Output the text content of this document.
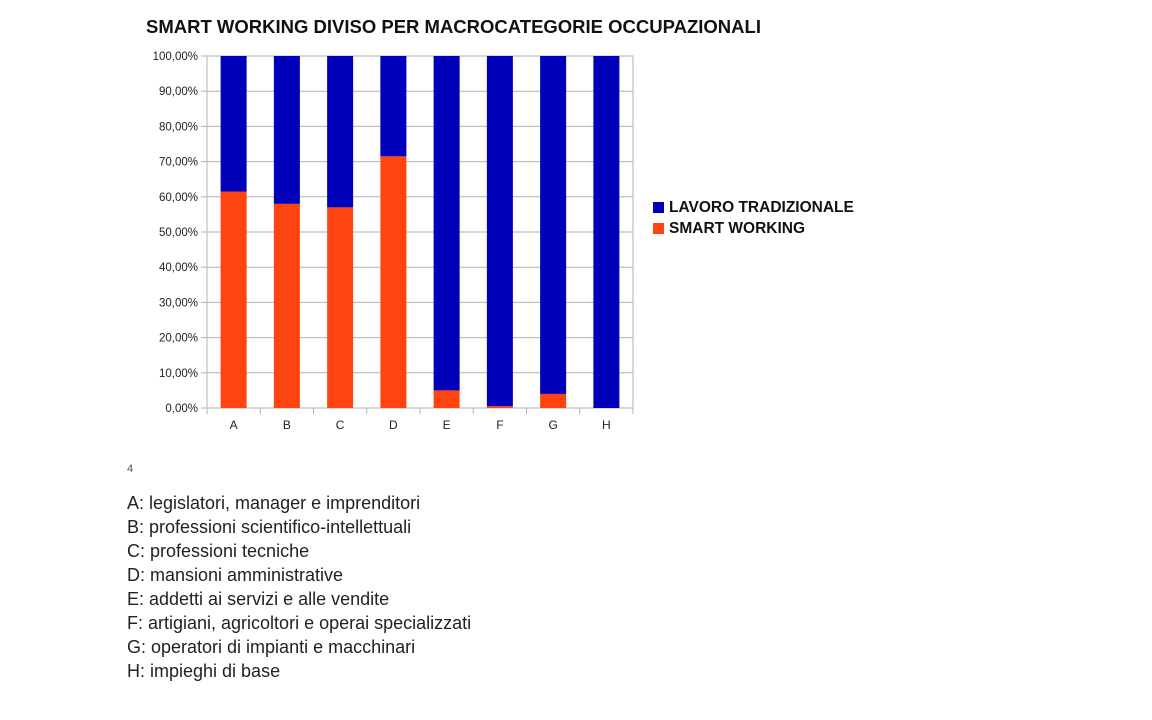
SMART WORKING DIVISO PER MACROCATEGORIE OCCUPAZIONALI
0,00%
10,00%
20,00%
30,00%
40,00%
50,00%
60,00%
70,00%
80,00%
90,00%
100,00%
A	B	C	D	E	F	G	H
LAVORO TRADIZIONALE
SMART WORKING
4
A: legislatori, manager e imprenditori
B: professioni scientifico-intellettuali
C: professioni tecniche
D: mansioni amministrative
E: addetti ai servizi e alle vendite
F: artigiani, agricoltori e operai specializzati
G: operatori di impianti e macchinari
H: impieghi di base
